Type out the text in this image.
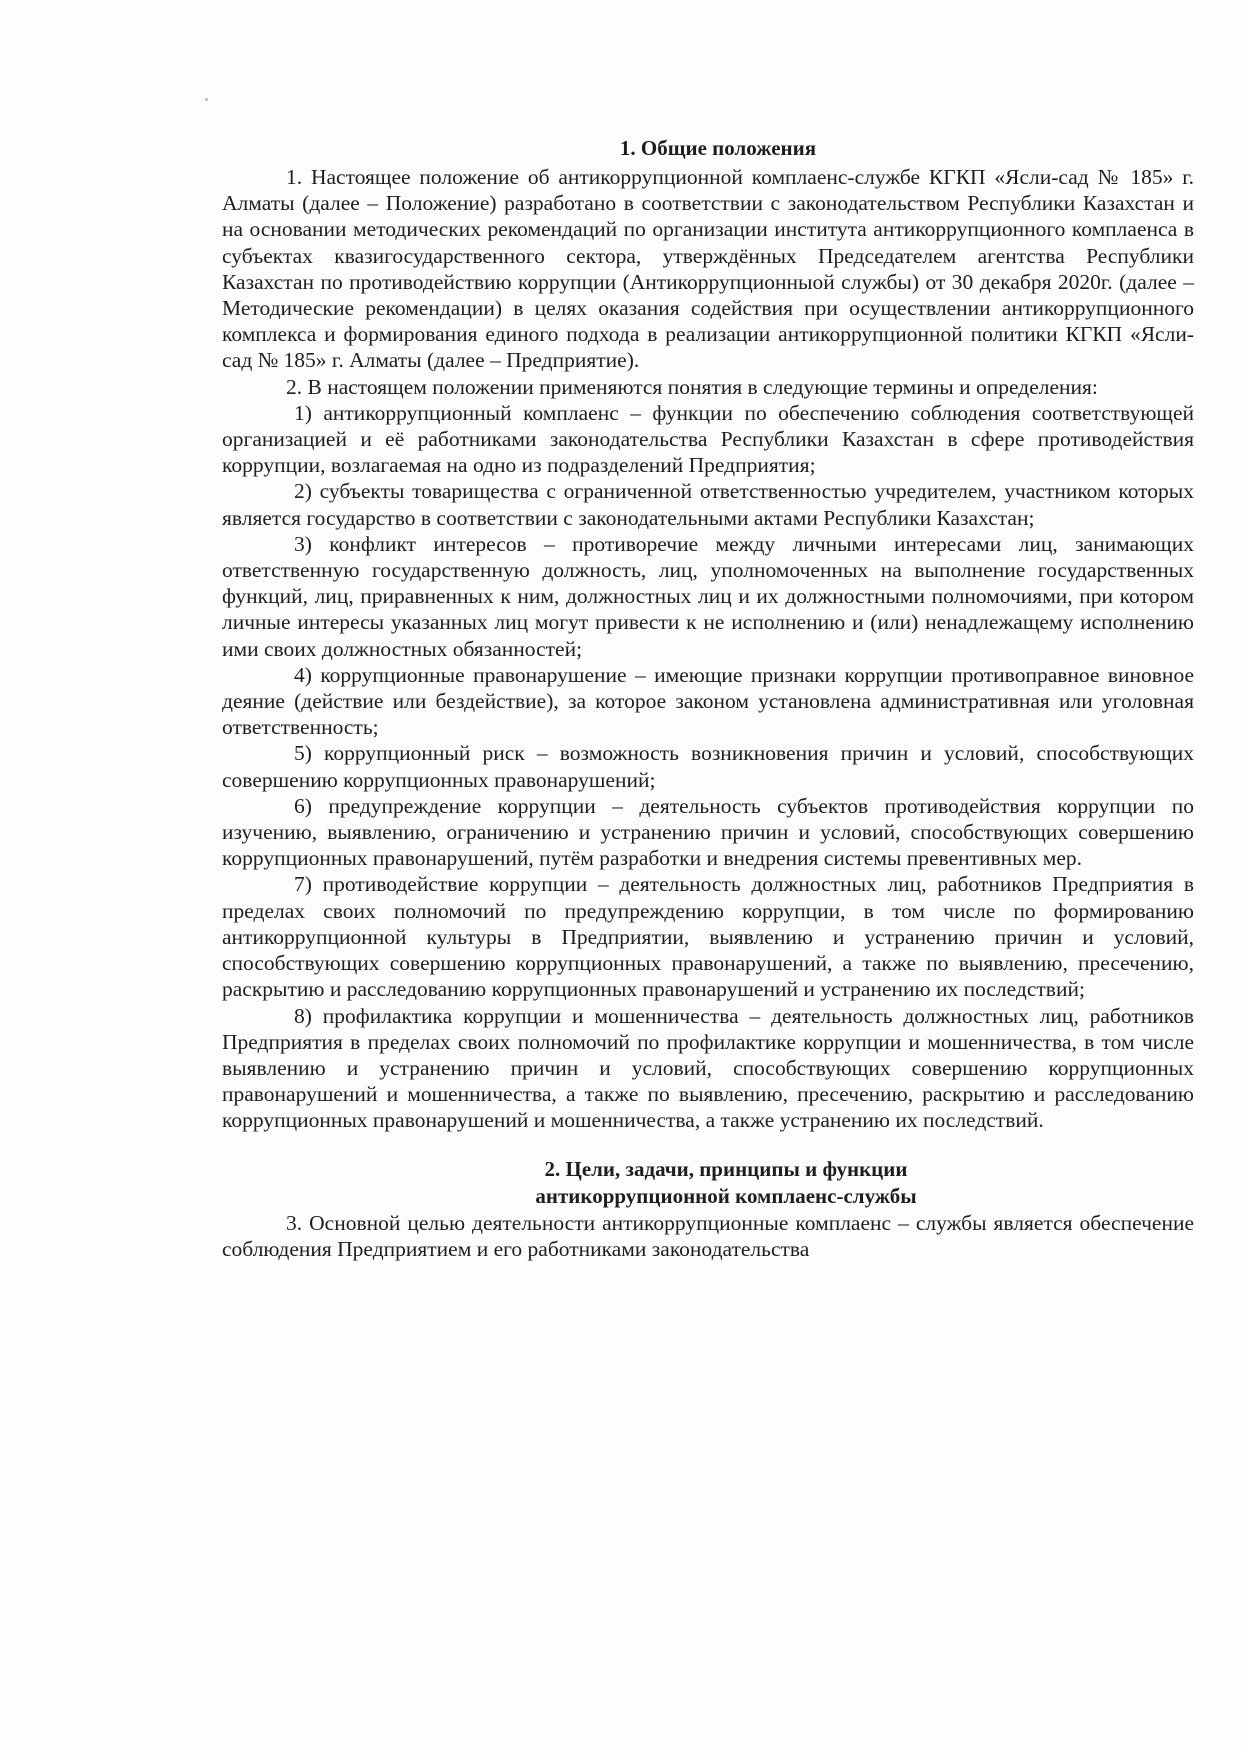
1. Общие положения

1. Настоящее положение об антикоррупционной комплаенс-службе КГКП «Ясли-сад № 185» г. Алматы (далее – Положение) разработано в соответствии с законодательством Республики Казахстан и на основании методических рекомендаций по организации института антикоррупционного комплаенса в субъектах квазигосударственного сектора, утверждённых Председателем агентства Республики Казахстан по противодействию коррупции (Антикоррупционныой службы) от 30 декабря 2020г. (далее – Методические рекомендации) в целях оказания содействия при осуществлении антикоррупционного комплекса и формирования единого подхода в реализации антикоррупционной политики КГКП «Ясли-сад № 185» г. Алматы (далее – Предприятие).

2. В настоящем положении применяются понятия в следующие термины и определения:

1) антикоррупционный комплаенс – функции по обеспечению соблюдения соответствующей организацией и её работниками законодательства Республики Казахстан в сфере противодействия коррупции, возлагаемая на одно из подразделений Предприятия;

2) субъекты товарищества с ограниченной ответственностью учредителем, участником которых является государство в соответствии с законодательными актами Республики Казахстан;

3) конфликт интересов – противоречие между личными интересами лиц, занимающих ответственную государственную должность, лиц, уполномоченных на выполнение государственных функций, лиц, приравненных к ним, должностных лиц и их должностными полномочиями, при котором личные интересы указанных лиц могут привести к не исполнению и (или) ненадлежащему исполнению ими своих должностных обязанностей;

4) коррупционные правонарушение – имеющие признаки коррупции противоправное виновное деяние (действие или бездействие), за которое законом установлена административная или уголовная ответственность;

5) коррупционный риск – возможность возникновения причин и условий, способствующих совершению коррупционных правонарушений;

6) предупреждение коррупции – деятельность субъектов противодействия коррупции по изучению, выявлению, ограничению и устранению причин и условий, способствующих совершению коррупционных правонарушений, путём разработки и внедрения системы превентивных мер.

7) противодействие коррупции – деятельность должностных лиц, работников Предприятия в пределах своих полномочий по предупреждению коррупции, в том числе по формированию антикоррупционной культуры в Предприятии, выявлению и устранению причин и условий, способствующих совершению коррупционных правонарушений, а также по выявлению, пресечению, раскрытию и расследованию коррупционных правонарушений и устранению их последствий;

8) профилактика коррупции и мошенничества – деятельность должностных лиц, работников Предприятия в пределах своих полномочий по профилактике коррупции и мошенничества, в том числе выявлению и устранению причин и условий, способствующих совершению коррупционных правонарушений и мошенничества, а также по выявлению, пресечению, раскрытию и расследованию коррупционных правонарушений и мошенничества, а также устранению их последствий.

2. Цели, задачи, принципы и функции
антикоррупционной комплаенс-службы

3. Основной целью деятельности антикоррупционные комплаенс – службы является обеспечение соблюдения Предприятием и его работниками законодательства
